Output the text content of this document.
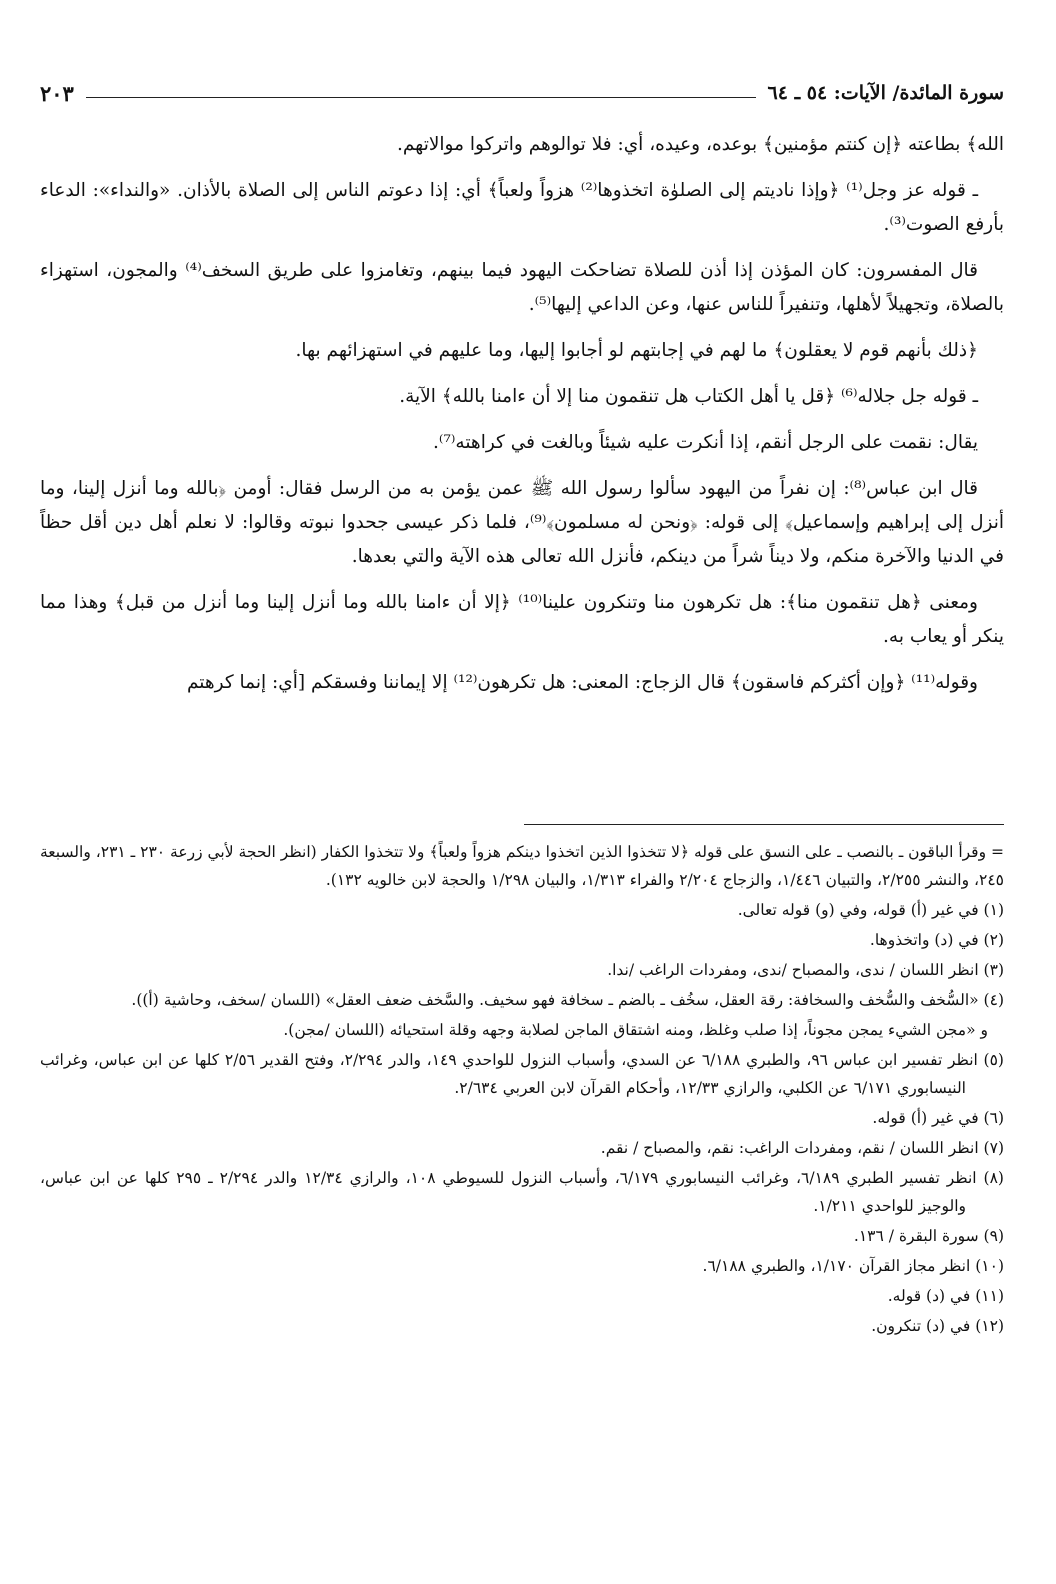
سورة المائدة/ الآيات: ٥٤ ـ ٦٤
٢٠٣

الله﴾ بطاعته ﴿إن كنتم مؤمنين﴾ بوعده، وعيده، أي: فلا توالوهم واتركوا موالاتهم.

ـ قوله عز وجل⁽¹⁾ ﴿وإذا ناديتم إلى الصلوٰة اتخذوها⁽²⁾ هزواً ولعباً﴾ أي: إذا دعوتم الناس إلى الصلاة بالأذان. «والنداء»: الدعاء بأرفع الصوت⁽³⁾.

قال المفسرون: كان المؤذن إذا أذن للصلاة تضاحكت اليهود فيما بينهم، وتغامزوا على طريق السخف⁽⁴⁾ والمجون، استهزاء بالصلاة، وتجهيلاً لأهلها، وتنفيراً للناس عنها، وعن الداعي إليها⁽⁵⁾.

﴿ذلك بأنهم قوم لا يعقلون﴾ ما لهم في إجابتهم لو أجابوا إليها، وما عليهم في استهزائهم بها.

ـ قوله جل جلاله⁽⁶⁾ ﴿قل يا أهل الكتاب هل تنقمون منا إلا أن ءامنا بالله﴾ الآية.

يقال: نقمت على الرجل أنقم، إذا أنكرت عليه شيئاً وبالغت في كراهته⁽⁷⁾.

قال ابن عباس⁽⁸⁾: إن نفراً من اليهود سألوا رسول الله ﷺ عمن يؤمن به من الرسل فقال: أومن ﴿بالله وما أنزل إلينا، وما أنزل إلى إبراهيم وإسماعيل﴾ إلى قوله: ﴿ونحن له مسلمون﴾⁽⁹⁾، فلما ذكر عيسى جحدوا نبوته وقالوا: لا نعلم أهل دين أقل حظاً في الدنيا والآخرة منكم، ولا ديناً شراً من دينكم، فأنزل الله تعالى هذه الآية والتي بعدها.

ومعنى ﴿هل تنقمون منا﴾: هل تكرهون منا وتنكرون علينا⁽¹⁰⁾ ﴿إلا أن ءامنا بالله وما أنزل إلينا وما أنزل من قبل﴾ وهذا مما ينكر أو يعاب به.

وقوله⁽¹¹⁾ ﴿وإن أكثركم فاسقون﴾ قال الزجاج: المعنى: هل تكرهون⁽¹²⁾ إلا إيماننا وفسقكم [أي: إنما كرهتم

= وقرأ الباقون ـ بالنصب ـ على النسق على قوله ﴿لا تتخذوا الذين اتخذوا دينكم هزواً ولعباً﴾ ولا تتخذوا الكفار (انظر الحجة لأبي زرعة ٢٣٠ ـ ٢٣١، والسبعة ٢٤٥، والنشر ٢/٢٥٥، والتبيان ١/٤٤٦، والزجاج ٢/٢٠٤ والفراء ١/٣١٣، والبيان ١/٢٩٨ والحجة لابن خالويه ١٣٢).

(١) في غير (أ) قوله، وفي (و) قوله تعالى.

(٢) في (د) واتخذوها.

(٣) انظر اللسان / ندى، والمصباح /ندى، ومفردات الراغب /ندا.

(٤) «السُّخف والسُّخف والسخافة: رقة العقل، سخُف ـ بالضم ـ سخافة فهو سخيف. والسَّخف ضعف العقل» (اللسان /سخف، وحاشية (أ)).

و «مجن الشيء يمجن مجوناً، إذا صلب وغلظ، ومنه اشتقاق الماجن لصلابة وجهه وقلة استحيائه (اللسان /مجن).

(٥) انظر تفسير ابن عباس ٩٦، والطبري ٦/١٨٨ عن السدي، وأسباب النزول للواحدي ١٤٩، والدر ٢/٢٩٤، وفتح القدير ٢/٥٦ كلها عن ابن عباس، وغرائب النيسابوري ٦/١٧١ عن الكلبي، والرازي ١٢/٣٣، وأحكام القرآن لابن العربي ٢/٦٣٤.

(٦) في غير (أ) قوله.

(٧) انظر اللسان / نقم، ومفردات الراغب: نقم، والمصباح / نقم.

(٨) انظر تفسير الطبري ٦/١٨٩، وغرائب النيسابوري ٦/١٧٩، وأسباب النزول للسيوطي ١٠٨، والرازي ١٢/٣٤ والدر ٢/٢٩٤ ـ ٢٩٥ كلها عن ابن عباس، والوجيز للواحدي ١/٢١١.

(٩) سورة البقرة / ١٣٦.

(١٠) انظر مجاز القرآن ١/١٧٠، والطبري ٦/١٨٨.

(١١) في (د) قوله.

(١٢) في (د) تنكرون.
